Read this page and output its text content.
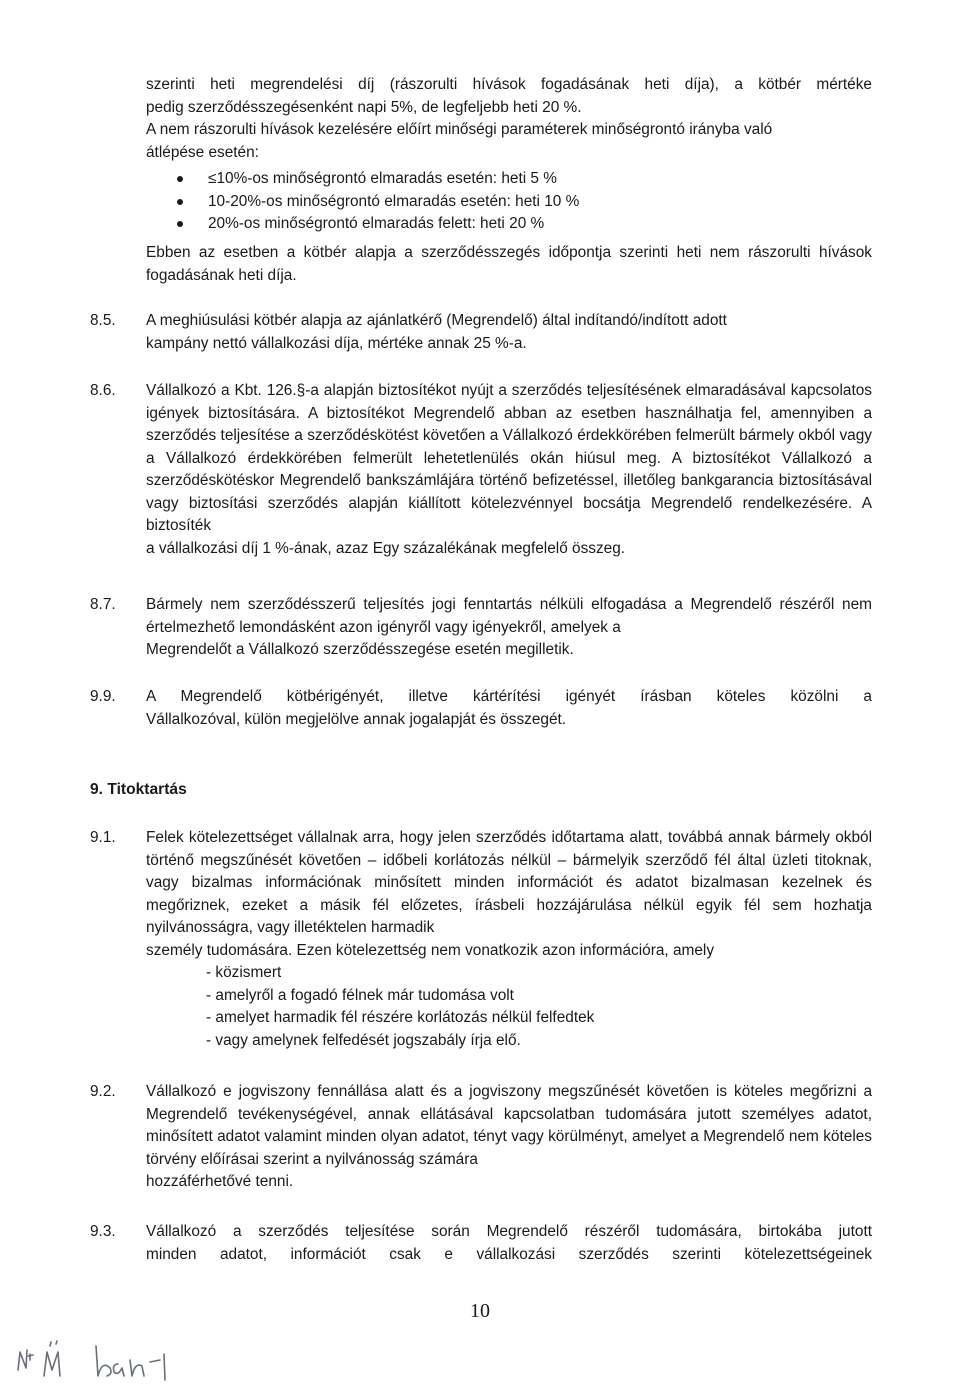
szerinti heti megrendelési díj (rászorulti hívások fogadásának heti díja), a kötbér mértéke
pedig szerződésszegésenként napi 5%, de legfeljebb heti 20 %.
A nem rászorulti hívások kezelésére előírt minőségi paraméterek minőségrontó irányba való
átlépése esetén:
≤10%-os minőségrontó elmaradás esetén: heti 5 %
10-20%-os minőségrontó elmaradás esetén: heti 10 %
20%-os minőségrontó elmaradás felett: heti 20 %
Ebben az esetben a kötbér alapja a szerződésszegés időpontja szerinti heti nem rászorulti hívások fogadásának heti díja.
8.5.	A meghiúsulási kötbér alapja az ajánlatkérő (Megrendelő) által indítandó/indított adott
kampány nettó vállalkozási díja, mértéke annak 25 %-a.
8.6.	Vállalkozó a Kbt. 126.§-a alapján biztosítékot nyújt a szerződés teljesítésének elmaradásával kapcsolatos igények biztosítására. A biztosítékot Megrendelő abban az esetben használhatja fel, amennyiben a szerződés teljesítése a szerződéskötést követően a Vállalkozó érdekkörében felmerült bármely okból vagy a Vállalkozó érdekkörében felmerült lehetetlenülés okán hiúsul meg. A biztosítékot Vállalkozó a szerződéskötéskor Megrendelő bankszámlájára történő befizetéssel, illetőleg bankgarancia biztosításával vagy biztosítási szerződés alapján kiállított kötelezvénnyel bocsátja Megrendelő rendelkezésére. A biztosíték
a vállalkozási díj 1 %-ának, azaz Egy százalékának megfelelő összeg.
8.7.	Bármely nem szerződésszerű teljesítés jogi fenntartás nélküli elfogadása a Megrendelő részéről nem értelmezhető lemondásként azon igényről vagy igényekről, amelyek a
Megrendelőt a Vállalkozó szerződésszegése esetén megilletik.
9.9.	A Megrendelő kötbérigényét, illetve kártérítési igényét írásban köteles közölni a
Vállalkozóval, külön megjelölve annak jogalapját és összegét.
9. Titoktartás
9.1.	Felek kötelezettséget vállalnak arra, hogy jelen szerződés időtartama alatt, továbbá annak bármely okból történő megszűnését követően – időbeli korlátozás nélkül – bármelyik szerződő fél által üzleti titoknak, vagy bizalmas információnak minősített minden információt és adatot bizalmasan kezelnek és megőriznek, ezeket a másik fél előzetes, írásbeli hozzájárulása nélkül egyik fél sem hozhatja nyilvánosságra, vagy illetéktelen harmadik
személy tudomására. Ezen kötelezettség nem vonatkozik azon információra, amely
- közismert
- amelyről a fogadó félnek már tudomása volt
- amelyet harmadik fél részére korlátozás nélkül felfedtek
- vagy amelynek felfedését jogszabály írja elő.
9.2.	Vállalkozó e jogviszony fennállása alatt és a jogviszony megszűnését követően is köteles megőrizni a Megrendelő tevékenységével, annak ellátásával kapcsolatban tudomására jutott személyes adatot, minősített adatot valamint minden olyan adatot, tényt vagy körülményt, amelyet a Megrendelő nem köteles törvény előírásai szerint a nyilvánosság számára
hozzáférhetővé tenni.
9.3.	Vállalkozó a szerződés teljesítése során Megrendelő részéről tudomására, birtokába jutott
minden adatot, információt csak e vállalkozási szerződés szerinti kötelezettségeinek
10
